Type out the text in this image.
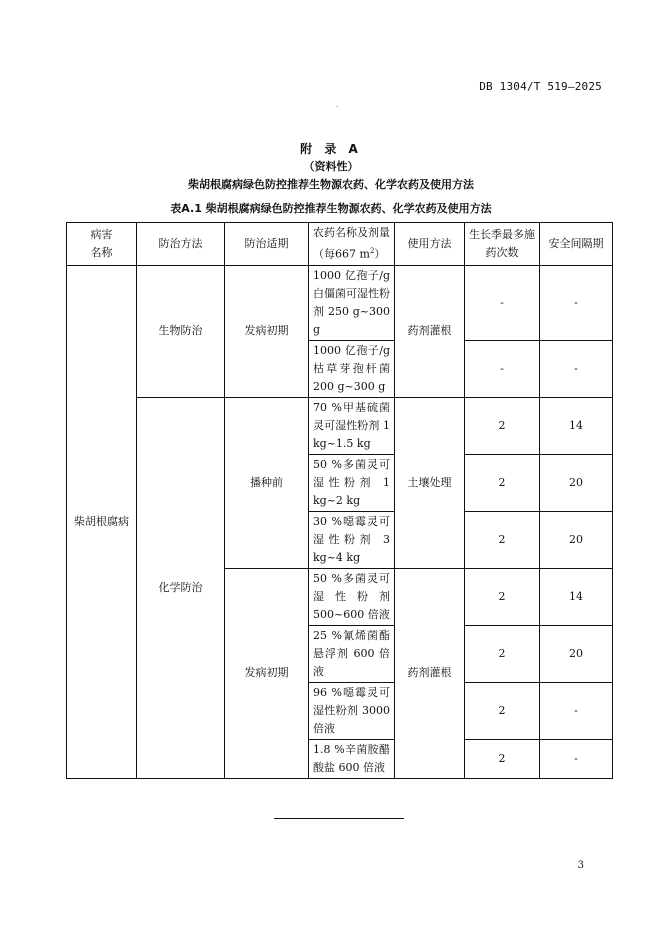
DB 1304/T 519—2025
附 录 A
（资料性）
柴胡根腐病绿色防控推荐生物源农药、化学农药及使用方法
表A.1 柴胡根腐病绿色防控推荐生物源农药、化学农药及使用方法
病害名称	防治方法	防治适期	农药名称及剂量（每667 $m^2$）	使用方法	生长季最多施药次数	安全间隔期
柴胡根腐病	生物防治	发病初期	1000 亿孢子/g 白僵菌可湿性粉剂 250 g~300 g	药剂灌根	-	-
			1000 亿孢子/g 枯草芽孢杆菌 200 g~300 g		-	-
	化学防治	播种前	70 %甲基硫菌灵可湿性粉剂 1 kg~1.5 kg	土壤处理	2	14
			50 %多菌灵可湿性粉剂 1 kg~2 kg		2	20
			30 %噁霉灵可湿性粉剂 3 kg~4 kg		2	20
		发病初期	50 %多菌灵可湿性粉剂 500~600 倍液	药剂灌根	2	14
			25 %氰烯菌酯悬浮剂 600 倍液		2	20
			96 %噁霉灵可湿性粉剂 3000 倍液		2	-
			1.8 %辛菌胺醋酸盐 600 倍液		2	-
3
